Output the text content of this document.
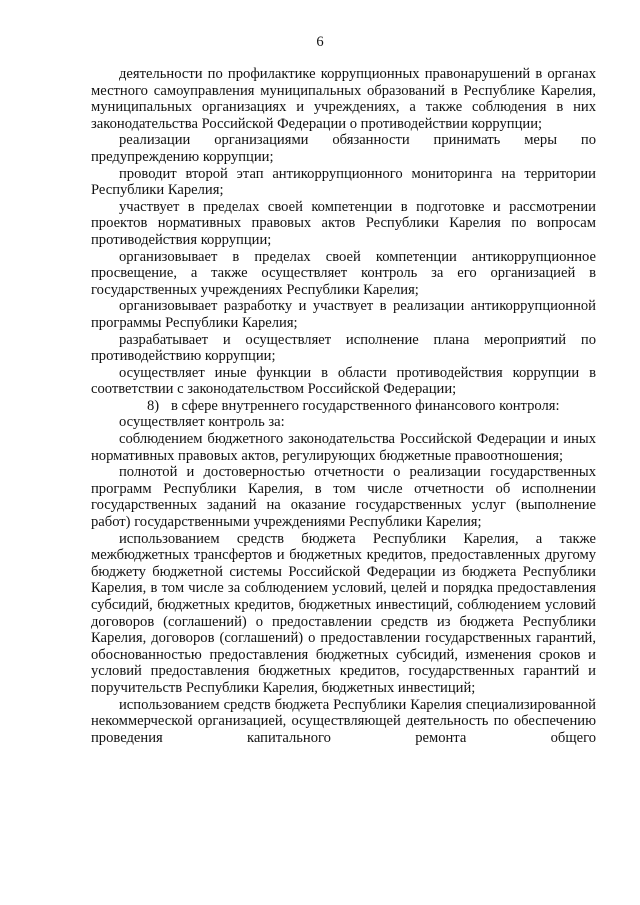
6

деятельности по профилактике коррупционных правонарушений в органах местного самоуправления муниципальных образований в Республике Карелия, муниципальных организациях и учреждениях, а также соблюдения в них законодательства Российской Федерации о противодействии коррупции;

реализации организациями обязанности принимать меры по предупреждению коррупции;

проводит второй этап антикоррупционного мониторинга на территории Республики Карелия;

участвует в пределах своей компетенции в подготовке и рассмотрении проектов нормативных правовых актов Республики Карелия по вопросам противодействия коррупции;

организовывает в пределах своей компетенции антикоррупционное просвещение, а также осуществляет контроль за его организацией в государственных учреждениях Республики Карелия;

организовывает разработку и участвует в реализации антикоррупционной программы Республики Карелия;

разрабатывает и осуществляет исполнение плана мероприятий по противодействию коррупции;

осуществляет иные функции в области противодействия коррупции в соответствии с законодательством Российской Федерации;

8) в сфере внутреннего государственного финансового контроля:

осуществляет контроль за:

соблюдением бюджетного законодательства Российской Федерации и иных нормативных правовых актов, регулирующих бюджетные правоотношения;

полнотой и достоверностью отчетности о реализации государственных программ Республики Карелия, в том числе отчетности об исполнении государственных заданий на оказание государственных услуг (выполнение работ) государственными учреждениями Республики Карелия;

использованием средств бюджета Республики Карелия, а также межбюджетных трансфертов и бюджетных кредитов, предоставленных другому бюджету бюджетной системы Российской Федерации из бюджета Республики Карелия, в том числе за соблюдением условий, целей и порядка предоставления субсидий, бюджетных кредитов, бюджетных инвестиций, соблюдением условий договоров (соглашений) о предоставлении средств из бюджета Республики Карелия, договоров (соглашений) о предоставлении государственных гарантий, обоснованностью предоставления бюджетных субсидий, изменения сроков и условий предоставления бюджетных кредитов, государственных гарантий и поручительств Республики Карелия, бюджетных инвестиций;

использованием средств бюджета Республики Карелия специализированной некоммерческой организацией, осуществляющей деятельность по обеспечению проведения капитального ремонта общего
